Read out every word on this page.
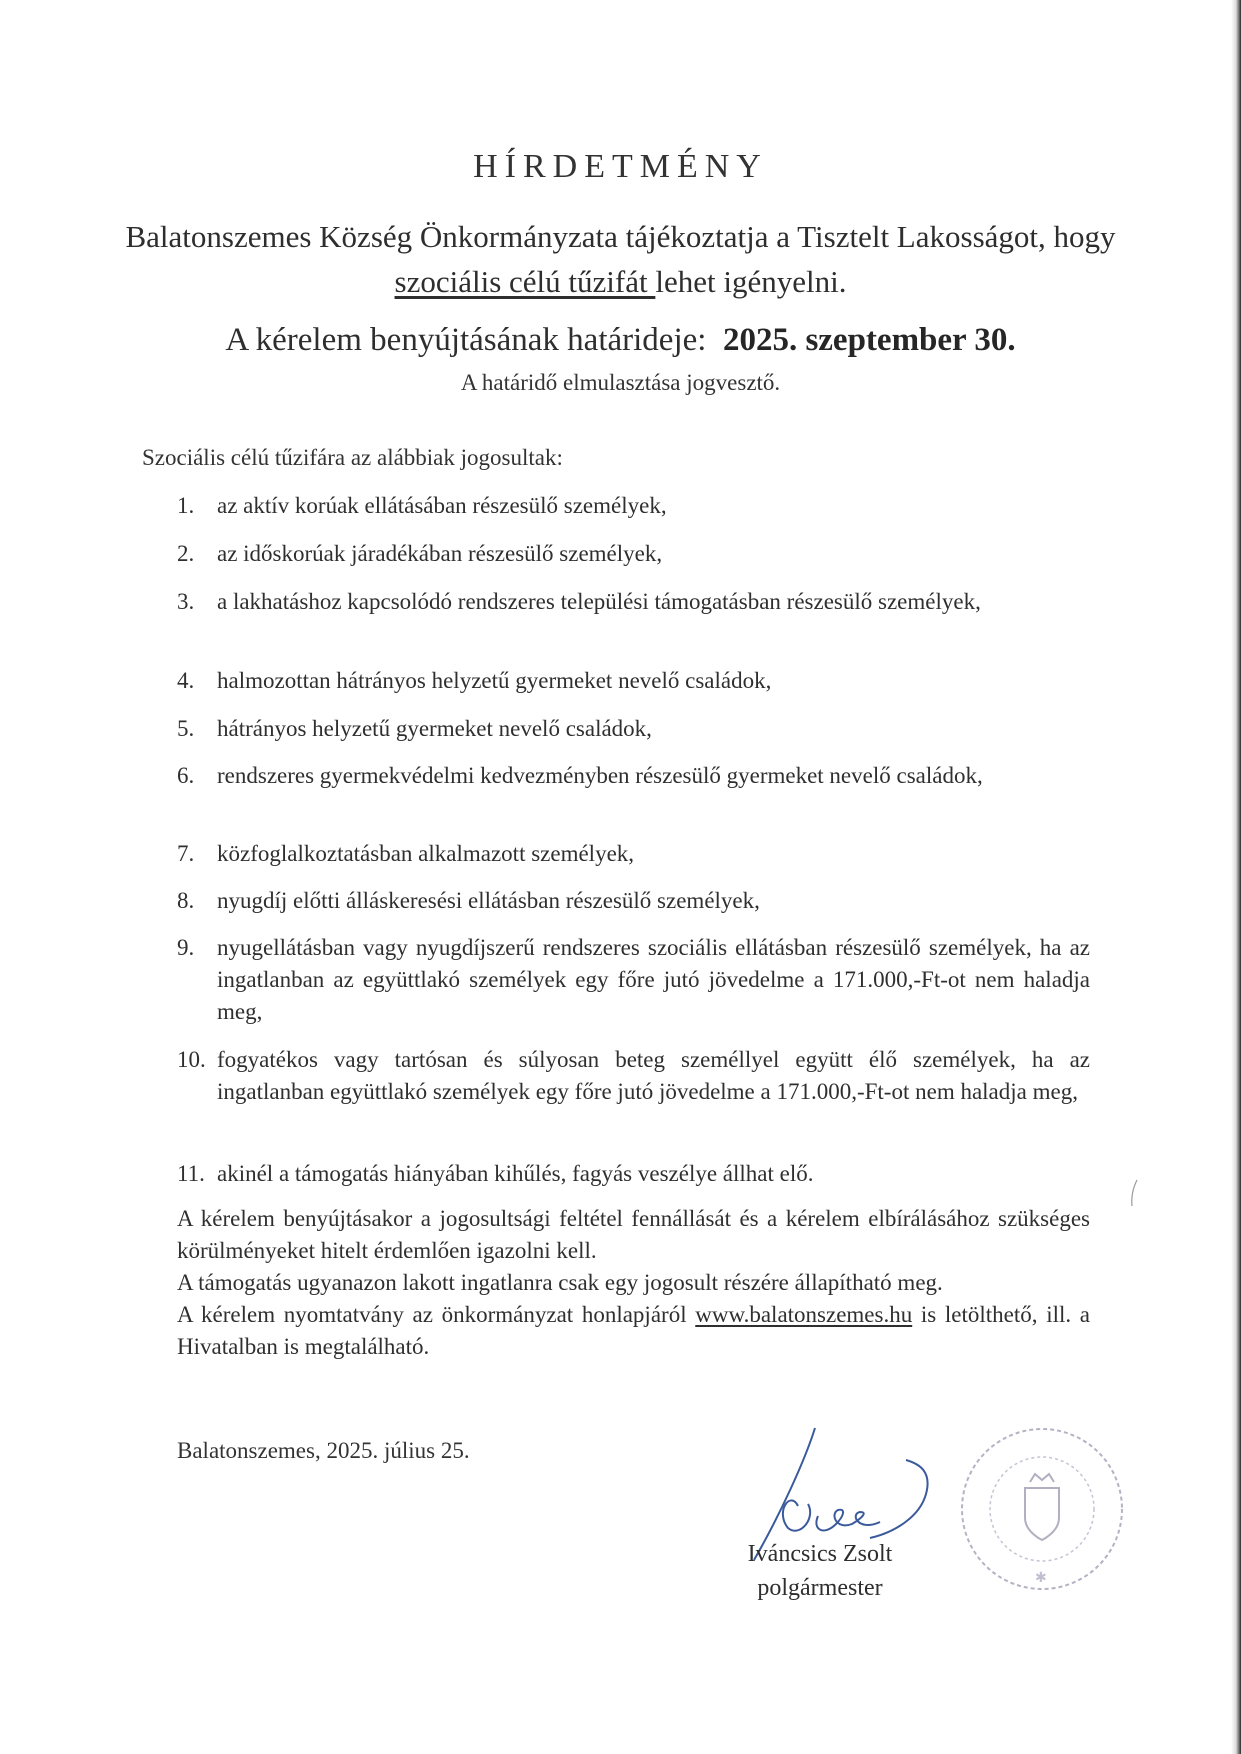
HÍRDETMÉNY
Balatonszemes Község Önkormányzata tájékoztatja a Tisztelt Lakosságot, hogy szociális célú tűzifát lehet igényelni.
A kérelem benyújtásának határideje: 2025. szeptember 30.
A határidő elmulasztása jogvesztő.
Szociális célú tűzifára az alábbiak jogosultak:
1. az aktív korúak ellátásában részesülő személyek,
2. az időskorúak járadékában részesülő személyek,
3. a lakhatáshoz kapcsolódó rendszeres települési támogatásban részesülő személyek,
4. halmozottan hátrányos helyzetű gyermeket nevelő családok,
5. hátrányos helyzetű gyermeket nevelő családok,
6. rendszeres gyermekvédelmi kedvezményben részesülő gyermeket nevelő családok,
7. közfoglalkoztatásban alkalmazott személyek,
8. nyugdíj előtti álláskeresési ellátásban részesülő személyek,
9. nyugellátásban vagy nyugdíjszerű rendszeres szociális ellátásban részesülő személyek, ha az ingatlanban az együttlakó személyek egy főre jutó jövedelme a 171.000,-Ft-ot nem haladja meg,
10. fogyatékos vagy tartósan és súlyosan beteg személlyel együtt élő személyek, ha az ingatlanban együttlakó személyek egy főre jutó jövedelme a 171.000,-Ft-ot nem haladja meg,
11. akinél a támogatás hiányában kihűlés, fagyás veszélye állhat elő.

A kérelem benyújtásakor a jogosultsági feltétel fennállását és a kérelem elbírálásához szükséges körülményeket hitelt érdemlően igazolni kell.

A támogatás ugyanazon lakott ingatlanra csak egy jogosult részére állapítható meg.

A kérelem nyomtatvány az önkormányzat honlapjáról www.balatonszemes.hu is letölthető, ill. a Hivatalban is megtalálható.

Balatonszemes, 2025. július 25.
✱
Iváncsics Zsolt
polgármester
